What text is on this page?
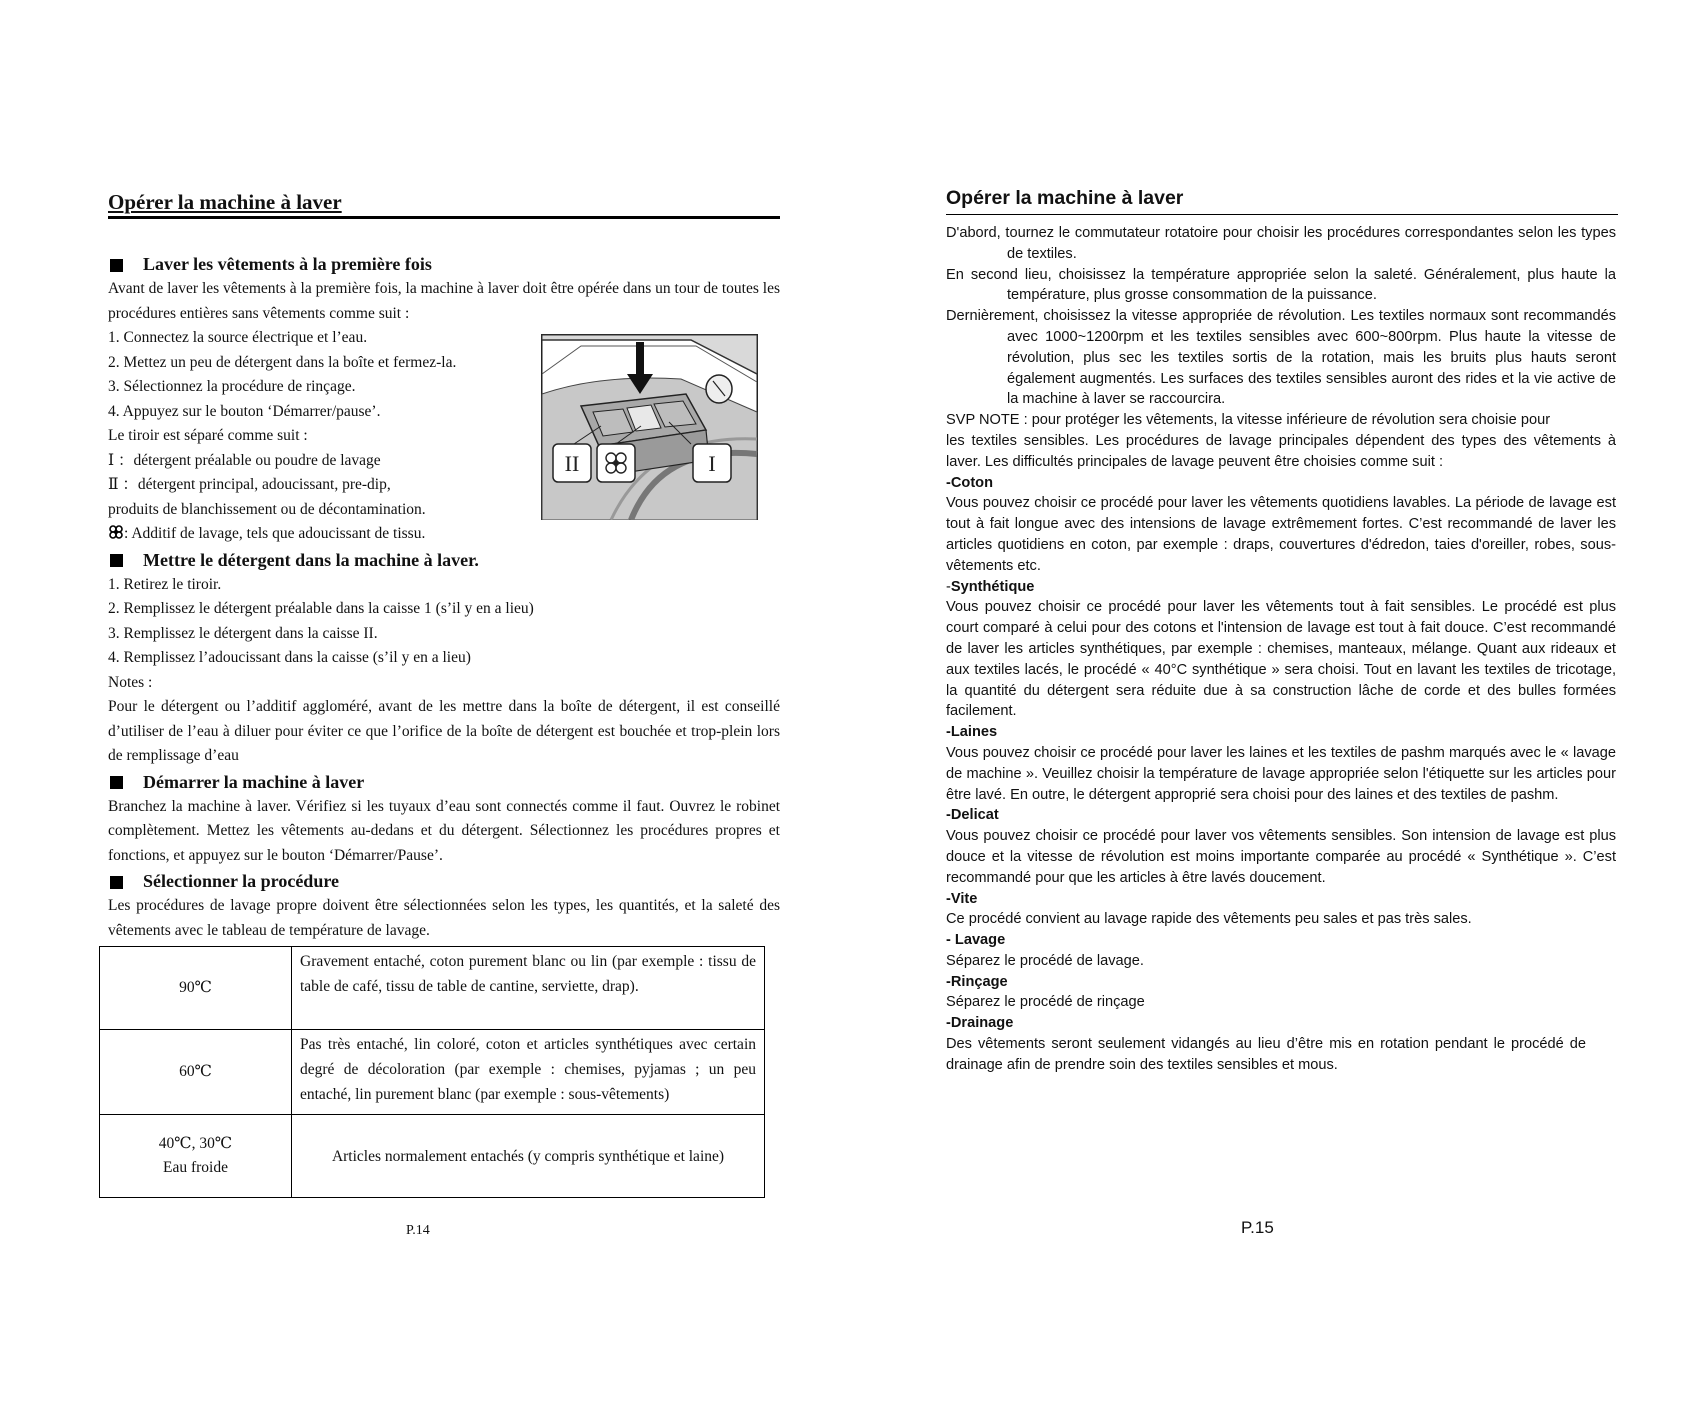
Opérer la machine à laver
Laver les vêtements à la première fois

Avant de laver les vêtements à la première fois, la machine à laver doit être opérée dans un tour de toutes les procédures entières sans vêtements comme suit :

1. Connectez la source électrique et l’eau.

2. Mettez un peu de détergent dans la boîte et fermez-la.

3. Sélectionnez la procédure de rinçage.

4. Appuyez sur le bouton ‘Démarrer/pause’.

Le tiroir est séparé comme suit :

Ⅰ ：détergent préalable ou poudre de lavage

Ⅱ ：détergent principal, adoucissant, pre-dip,

produits de blanchissement ou de décontamination.

: Additif de lavage, tels que adoucissant de tissu.

Mettre le détergent dans la machine à laver.

1. Retirez le tiroir.

2. Remplissez le détergent préalable dans la caisse 1 (s’il y en a lieu)

3. Remplissez le détergent dans la caisse II.

4. Remplissez l’adoucissant dans la caisse (s’il y en a lieu)

Notes :

Pour le détergent ou l’additif aggloméré, avant de les mettre dans la boîte de détergent, il est conseillé d’utiliser de l’eau à diluer pour éviter ce que l’orifice de la boîte de détergent est bouchée et trop-plein lors de remplissage d’eau

Démarrer la machine à laver

Branchez la machine à laver. Vérifiez si les tuyaux d’eau sont connectés comme il faut. Ouvrez le robinet complètement. Mettez les vêtements au-dedans et du détergent. Sélectionnez les procédures propres et fonctions, et appuyez sur le bouton ‘Démarrer/Pause’.

Sélectionner la procédure

Les procédures de lavage propre doivent être sélectionnées selon les types, les quantités, et la saleté des vêtements avec le tableau de température de lavage.

90℃	Gravement entaché, coton purement blanc ou lin (par exemple : tissu de table de café, tissu de table de cantine, serviette, drap).
60℃	Pas très entaché, lin coloré, coton et articles synthétiques avec certain degré de décoloration (par exemple : chemises, pyjamas ; un peu entaché, lin purement blanc (par exemple : sous-vêtements)
40℃, 30℃
Eau froide	Articles normalement entachés (y compris synthétique et laine)
II	I
P.14
Opérer la machine à laver

D'abord, tournez le commutateur rotatoire pour choisir les procédures correspondantes selon les types de textiles.

En second lieu, choisissez la température appropriée selon la saleté. Généralement, plus haute la température, plus grosse consommation de la puissance.

Dernièrement, choisissez la vitesse appropriée de révolution. Les textiles normaux sont recommandés avec 1000~1200rpm et les textiles sensibles avec 600~800rpm. Plus haute la vitesse de révolution, plus sec les textiles sortis de la rotation, mais les bruits plus hauts seront également augmentés. Les surfaces des textiles sensibles auront des rides et la vie active de la machine à laver se raccourcira.

SVP NOTE : pour protéger les vêtements, la vitesse inférieure de révolution sera choisie pour

les textiles sensibles. Les procédures de lavage principales dépendent des types des vêtements à laver. Les difficultés principales de lavage peuvent être choisies comme suit :

-Coton

Vous pouvez choisir ce procédé pour laver les vêtements quotidiens lavables. La période de lavage est tout à fait longue avec des intensions de lavage extrêmement fortes. C’est recommandé de laver les articles quotidiens en coton, par exemple : draps, couvertures d'édredon, taies d'oreiller, robes, sous-vêtements etc.

-Synthétique

Vous pouvez choisir ce procédé pour laver les vêtements tout à fait sensibles. Le procédé est plus court comparé à celui pour des cotons et l'intension de lavage est tout à fait douce. C’est recommandé de laver les articles synthétiques, par exemple : chemises, manteaux, mélange. Quant aux rideaux et aux textiles lacés, le procédé « 40°C synthétique » sera choisi. Tout en lavant les textiles de tricotage, la quantité du détergent sera réduite due à sa construction lâche de corde et des bulles formées facilement.

-Laines

Vous pouvez choisir ce procédé pour laver les laines et les textiles de pashm marqués avec le « lavage de machine ». Veuillez choisir la température de lavage appropriée selon l'étiquette sur les articles pour être lavé. En outre, le détergent approprié sera choisi pour des laines et des textiles de pashm.

-Delicat

Vous pouvez choisir ce procédé pour laver vos vêtements sensibles. Son intension de lavage est plus douce et la vitesse de révolution est moins importante comparée au procédé « Synthétique ». C’est recommandé pour que les articles à être lavés doucement.

-Vite

Ce procédé convient au lavage rapide des vêtements peu sales et pas très sales.

- Lavage

Séparez le procédé de lavage.

-Rinçage

Séparez le procédé de rinçage

-Drainage

Des vêtements seront seulement vidangés au lieu d’être mis en rotation pendant le procédé de drainage afin de prendre soin des textiles sensibles et mous.

P.15
